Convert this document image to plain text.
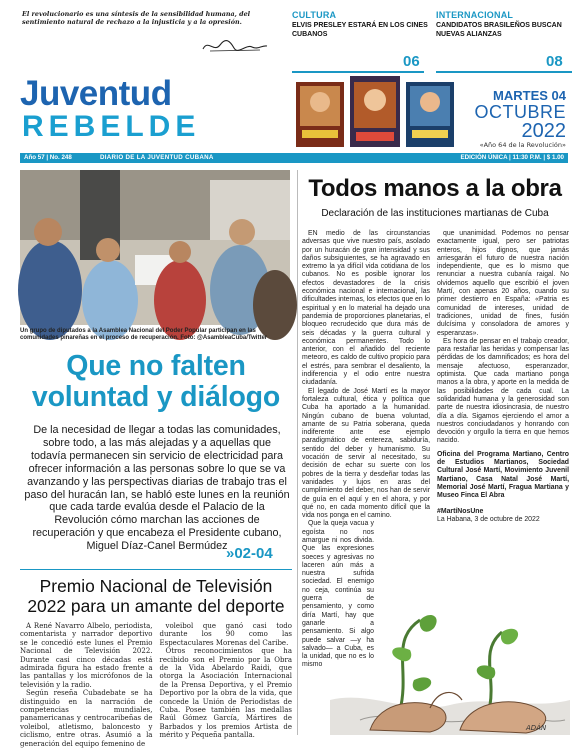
El revolucionario es una síntesis de la sensibilidad humana, del sentimiento natural de rechazo a la injusticia y a la opresión.
CULTURA
ELVIS PRESLEY ESTARÁ EN LOS CINES CUBANOS
06
INTERNACIONAL
CANDIDATOS BRASILEÑOS BUSCAN NUEVAS ALIANZAS
08
Juventud
REBELDE
MARTES 04
OCTUBRE
2022
«Año 64 de la Revolución»
Año 57 | No. 248	DIARIO DE LA JUVENTUD CUBANA	EDICIÓN ÚNICA | 11:30 P.M. | $ 1.00
Un grupo de diputados a la Asamblea Nacional del Poder Popular participan en las comunidades pinareñas en el proceso de recuperación. Foto: @AsambleaCuba/Twitter
Que no falten voluntad y diálogo
De la necesidad de llegar a todas las comunidades, sobre todo, a las más alejadas y a aquellas que todavía permanecen sin servicio de electricidad para ofrecer información a las personas sobre lo que se va avanzando y las perspectivas diarias de trabajo tras el paso del huracán Ian, se habló este lunes en la reunión que cada tarde evalúa desde el Palacio de la Revolución cómo marchan las acciones de recuperación y que encabeza el Presidente cubano, Miguel Díaz-Canel Bermúdez
»02-04
Premio Nacional de Televisión 2022 para un amante del deporte

A René Navarro Albelo, periodista, comentarista y narrador deportivo se le concedió este lunes el Premio Nacional de Televisión 2022. Durante casi cinco décadas está admirada figura ha estado frente a las pantallas y los micrófonos de la televisión y la radio.

Según reseña Cubadebate se ha distinguido en la narración de competencias mundiales, panamericanas y centrocaribeñas de voleibol, atletismo, baloncesto y ciclismo, entre otras. Asumió a la generación del equipo femenino de

voleibol que ganó casi todo durante los 90 como las Espectaculares Morenas del Caribe.

Otros reconocimientos que ha recibido son el Premio por la Obra de la Vida Abelardo Raidi, que otorga la Asociación Internacional de la Prensa Deportiva, y el Premio Deportivo por la obra de la vida, que concede la Unión de Periodistas de Cuba. Posee también las medallas Raúl Gómez García, Mártires de Barbados y los premios Artista de mérito y Pequeña pantalla.

Todos manos a la obra
Declaración de las instituciones martianas de Cuba

EN medio de las circunstancias adversas que vive nuestro país, asolado por un huracán de gran intensidad y sus daños subsiguientes, se ha agravado en extremo la ya difícil vida cotidiana de los cubanos. No es posible ignorar los efectos devastadores de la crisis económica nacional e internacional, las dificultades internas, los efectos que en lo espiritual y en lo material ha dejado una pandemia de proporciones planetarias, el bloqueo recrudecido que dura más de seis décadas y la guerra cultural y económica permanentes. Todo lo anterior, con el añadido del reciente meteoro, es caldo de cultivo propicio para el estrés, para sembrar el desaliento, la indiferencia y el odio entre nuestra ciudadanía.

El legado de José Martí es la mayor fortaleza cultural, ética y política que Cuba ha aportado a la humanidad. Ningún cubano de buena voluntad, amante de su Patria soberana, queda indiferente ante ese ejemplo paradigmático de entereza, sabiduría, sentido del deber y humanismo. Su vocación de servir al necesitado, su decisión de echar su suerte con los pobres de la tierra y desdeñar todas las vanidades y lujos en aras del cumplimiento del deber, nos han de servir de guía en el aquí y en el ahora, y por qué no, en cada momento difícil que la vida nos ponga en el camino.

Que la queja vacua y egoísta no nos amargue ni nos divida. Que las expresiones soeces y agresivas no laceren aún más a nuestra sufrida sociedad. El enemigo no ceja, continúa su guerra de pensamiento, y como diría Martí, hay que ganarle a pensamiento. Si algo puede salvar —y ha salvado— a Cuba, es la unidad, que no es lo mismo

que unanimidad. Podemos no pensar exactamente igual, pero ser patriotas enteros, hijos dignos, que jamás arriesgarán el futuro de nuestra nación independiente, que es lo mismo que renunciar a nuestra cubanía raigal. No olvidemos aquello que escribió el joven Martí, con apenas 20 años, cuando su primer destierro en España: «Patria es comunidad de intereses, unidad de tradiciones, unidad de fines, fusión dulcísima y consoladora de amores y esperanzas».

Es hora de pensar en el trabajo creador, para restañar las heridas y compensar las pérdidas de los damnificados; es hora del mensaje afectuoso, esperanzador, optimista. Que cada martiano ponga manos a la obra, y aporte en la medida de las posibilidades de cada cual. La solidaridad humana y la generosidad son parte de nuestra idiosincrasia, de nuestro día a día. Sigamos ejerciendo el amor a nuestros conciudadanos y honrando con devoción y orgullo la tierra en que hemos nacido.

Oficina del Programa Martiano, Centro de Estudios Martianos, Sociedad Cultural José Martí, Movimiento Juvenil Martiano, Casa Natal José Martí, Memorial José Martí, Fragua Martiana y Museo Finca El Abra

#MartíNosUne

La Habana, 3 de octubre de 2022

ADÁN
